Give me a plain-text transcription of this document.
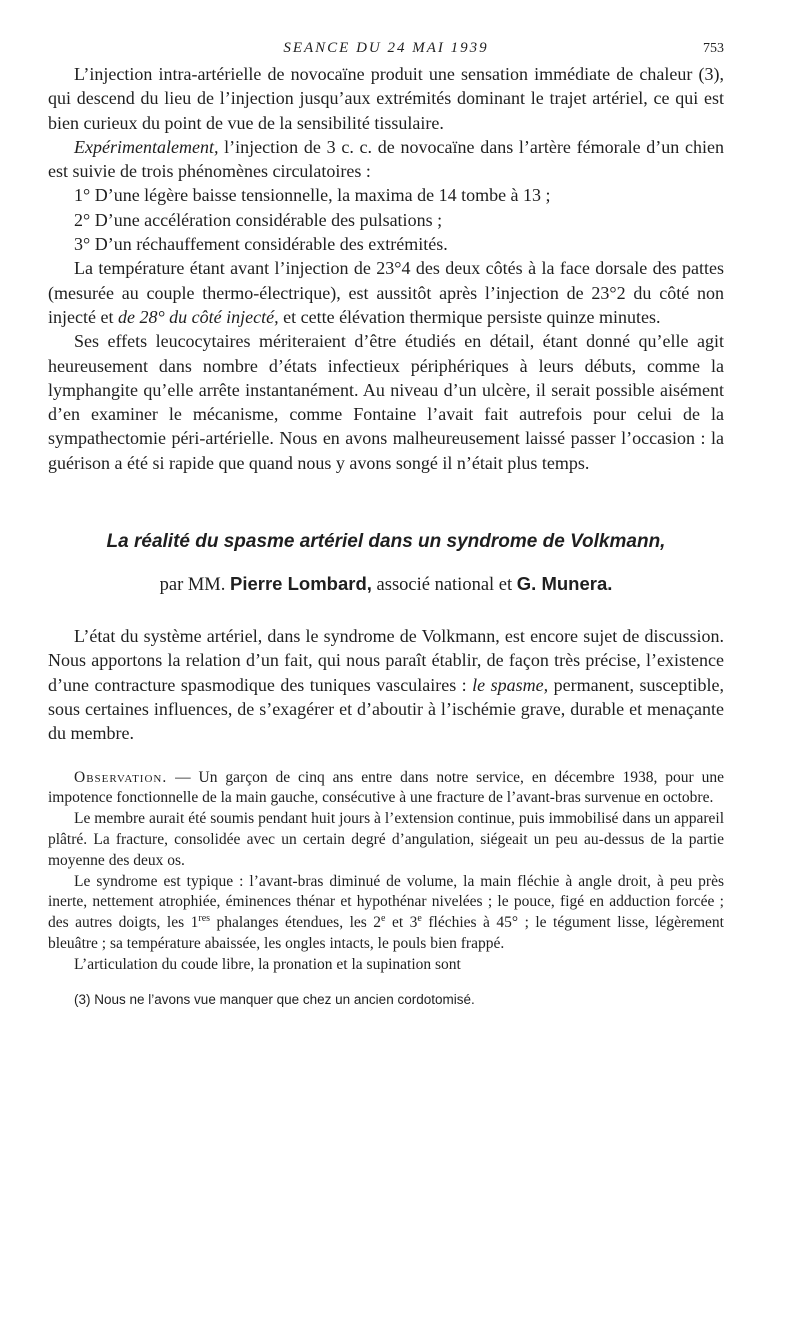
SEANCE DU 24 MAI 1939	753

L’injection intra-artérielle de novocaïne produit une sensation immédiate de chaleur (3), qui descend du lieu de l’injection jusqu’aux extrémités dominant le trajet artériel, ce qui est bien curieux du point de vue de la sensibilité tissulaire.

Expérimentalement, l’injection de 3 c. c. de novocaïne dans l’artère fémorale d’un chien est suivie de trois phénomènes circulatoires :

1° D’une légère baisse tensionnelle, la maxima de 14 tombe à 13 ;

2° D’une accélération considérable des pulsations ;

3° D’un réchauffement considérable des extrémités.

La température étant avant l’injection de 23°4 des deux côtés à la face dorsale des pattes (mesurée au couple thermo-électrique), est aussitôt après l’injection de 23°2 du côté non injecté et de 28° du côté injecté, et cette élévation thermique persiste quinze minutes.

Ses effets leucocytaires mériteraient d’être étudiés en détail, étant donné qu’elle agit heureusement dans nombre d’états infectieux périphériques à leurs débuts, comme la lymphangite qu’elle arrête instantanément. Au niveau d’un ulcère, il serait possible aisément d’en examiner le mécanisme, comme Fontaine l’avait fait autrefois pour celui de la sympathectomie péri-artérielle. Nous en avons malheureusement laissé passer l’occasion : la guérison a été si rapide que quand nous y avons songé il n’était plus temps.

La réalité du spasme artériel dans un syndrome de Volkmann,
par MM. Pierre Lombard, associé national et G. Munera.

L’état du système artériel, dans le syndrome de Volkmann, est encore sujet de discussion. Nous apportons la relation d’un fait, qui nous paraît établir, de façon très précise, l’existence d’une contracture spasmodique des tuniques vasculaires : le spasme, permanent, susceptible, sous certaines influences, de s’exagérer et d’aboutir à l’ischémie grave, durable et menaçante du membre.

Observation. — Un garçon de cinq ans entre dans notre service, en décembre 1938, pour une impotence fonctionnelle de la main gauche, consécutive à une fracture de l’avant-bras survenue en octobre.

Le membre aurait été soumis pendant huit jours à l’extension continue, puis immobilisé dans un appareil plâtré. La fracture, consolidée avec un certain degré d’angulation, siégeait un peu au-dessus de la partie moyenne des deux os.

Le syndrome est typique : l’avant-bras diminué de volume, la main fléchie à angle droit, à peu près inerte, nettement atrophiée, éminences thénar et hypothénar nivelées ; le pouce, figé en adduction forcée ; des autres doigts, les 1res phalanges étendues, les 2e et 3e fléchies à 45° ; le tégument lisse, légèrement bleuâtre ; sa température abaissée, les ongles intacts, le pouls bien frappé.

L’articulation du coude libre, la pronation et la supination sont

(3) Nous ne l’avons vue manquer que chez un ancien cordotomisé.
